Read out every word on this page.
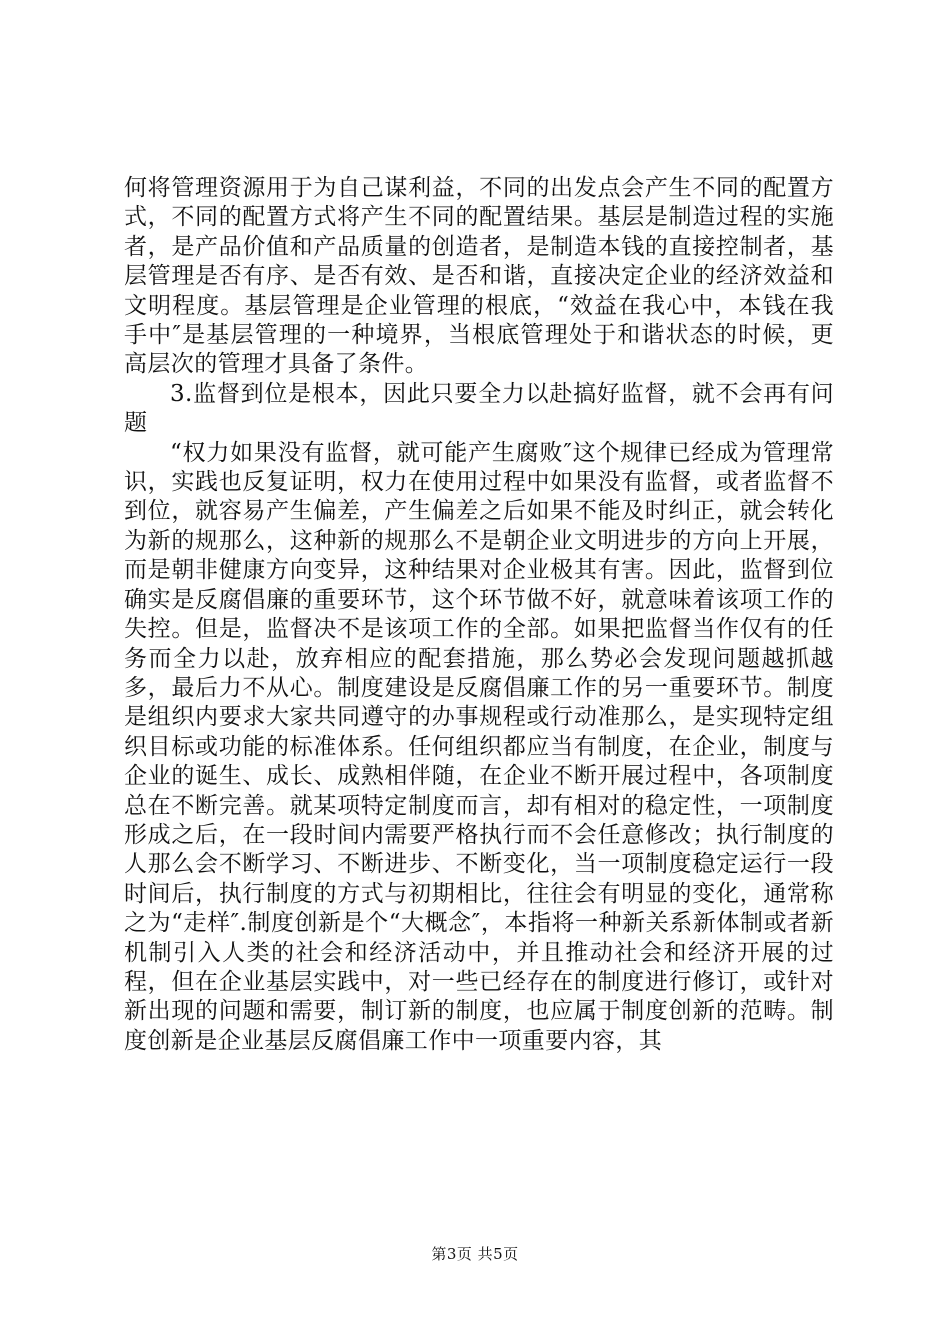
何将管理资源用于为自己谋利益，不同的出发点会产生不同的配置方式，不同的配置方式将产生不同的配置结果。基层是制造过程的实施者，是产品价值和产品质量的创造者，是制造本钱的直接控制者，基层管理是否有序、是否有效、是否和谐，直接决定企业的经济效益和文明程度。基层管理是企业管理的根底，“效益在我心中，本钱在我手中″是基层管理的一种境界，当根底管理处于和谐状态的时候，更高层次的管理才具备了条件。

3.监督到位是根本，因此只要全力以赴搞好监督，就不会再有问题

“权力如果没有监督，就可能产生腐败″这个规律已经成为管理常识，实践也反复证明，权力在使用过程中如果没有监督，或者监督不到位，就容易产生偏差，产生偏差之后如果不能及时纠正，就会转化为新的规那么，这种新的规那么不是朝企业文明进步的方向上开展，而是朝非健康方向变异，这种结果对企业极其有害。因此，监督到位确实是反腐倡廉的重要环节，这个环节做不好，就意味着该项工作的失控。但是，监督决不是该项工作的全部。如果把监督当作仅有的任务而全力以赴，放弃相应的配套措施，那么势必会发现问题越抓越多，最后力不从心。制度建设是反腐倡廉工作的另一重要环节。制度是组织内要求大家共同遵守的办事规程或行动准那么，是实现特定组织目标或功能的标准体系。任何组织都应当有制度，在企业，制度与企业的诞生、成长、成熟相伴随，在企业不断开展过程中，各项制度总在不断完善。就某项特定制度而言，却有相对的稳定性，一项制度形成之后，在一段时间内需要严格执行而不会任意修改；执行制度的人那么会不断学习、不断进步、不断变化，当一项制度稳定运行一段时间后，执行制度的方式与初期相比，往往会有明显的变化，通常称之为“走样″.制度创新是个“大概念″，本指将一种新关系新体制或者新机制引入人类的社会和经济活动中，并且推动社会和经济开展的过程，但在企业基层实践中，对一些已经存在的制度进行修订，或针对新出现的问题和需要，制订新的制度，也应属于制度创新的范畴。制度创新是企业基层反腐倡廉工作中一项重要内容，其

第3页 共5页
